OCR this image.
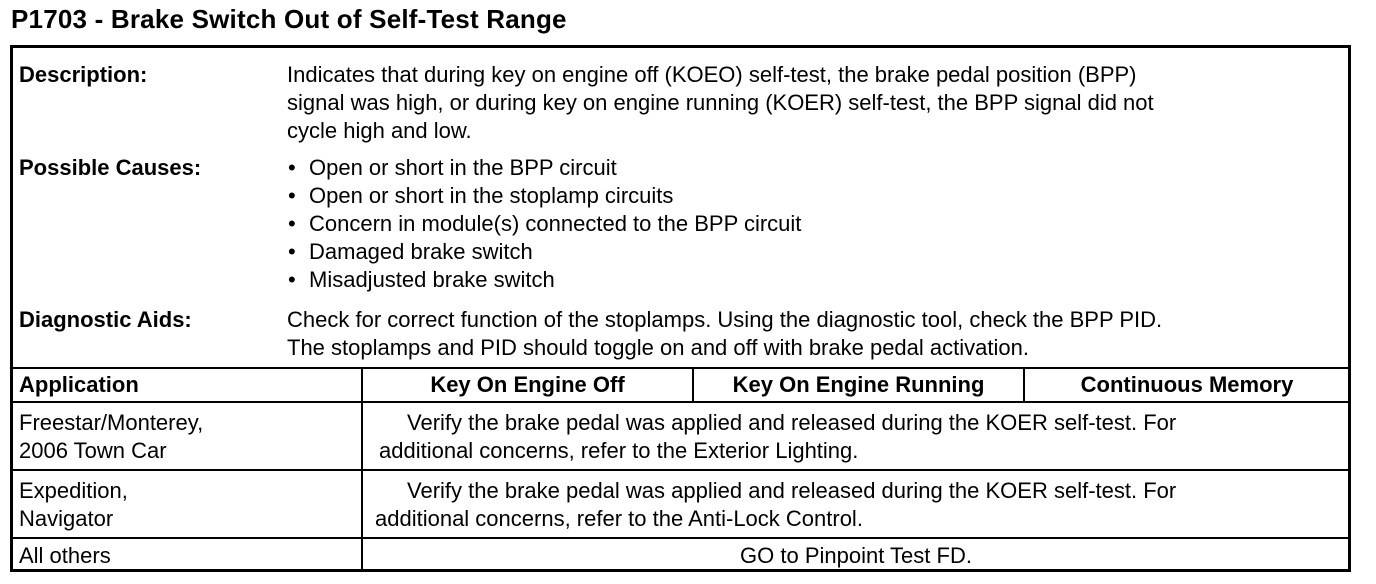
P1703 - Brake Switch Out of Self-Test Range
Description:	Indicates that during key on engine off (KOEO) self-test, the brake pedal position (BPP)
signal was high, or during key on engine running (KOER) self-test, the BPP signal did not
cycle high and low.
Possible Causes:
•	Open or short in the BPP circuit
• Open or short in the stoplamp circuits
• Concern in module(s) connected to the BPP circuit
• Damaged brake switch
• Misadjusted brake switch
Diagnostic Aids:	Check for correct function of the stoplamps. Using the diagnostic tool, check the BPP PID.
The stoplamps and PID should toggle on and off with brake pedal activation.
Application	Key On Engine Off	Key On Engine Running	Continuous Memory
Freestar/Monterey,
2006 Town Car
Verify the brake pedal was applied and released during the KOER self-test. For
additional concerns, refer to the Exterior Lighting.
Expedition,
Navigator
Verify the brake pedal was applied and released during the KOER self-test. For
additional concerns, refer to the Anti-Lock Control.
All others	GO to Pinpoint Test FD.
